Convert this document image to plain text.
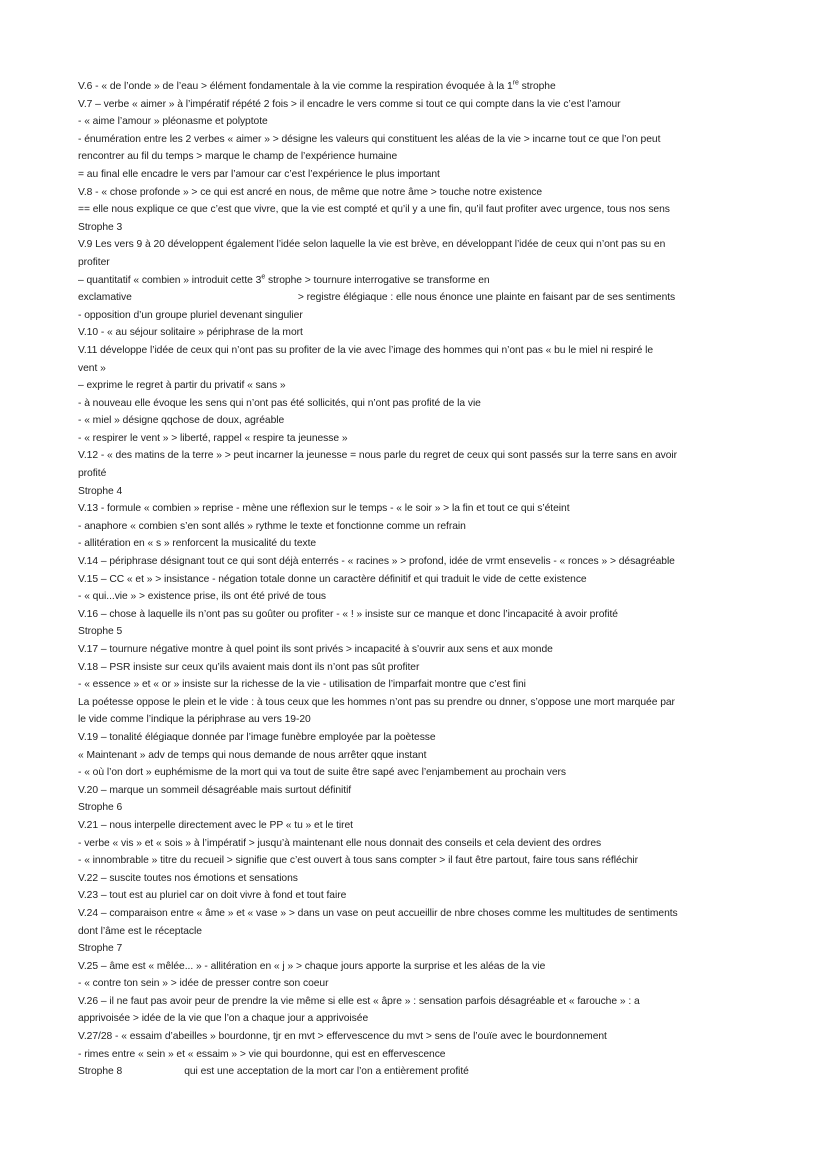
V.6 - « de l’onde » de l’eau > élément fondamentale à la vie comme la respiration évoquée à la 1re strophe
V.7 – verbe « aimer » à l’impératif répété 2 fois > il encadre le vers comme si tout ce qui compte dans la vie c’est l’amour
- « aime l’amour » pléonasme et polyptote
- énumération entre les 2 verbes « aimer » > désigne les valeurs qui constituent les aléas de la vie > incarne tout ce que l’on peut
rencontrer au fil du temps > marque le champ de l’expérience humaine
= au final elle encadre le vers par l’amour car c’est l’expérience le plus important
V.8 - « chose profonde » > ce qui est ancré en nous, de même que notre âme > touche notre existence
== elle nous explique ce que c’est que vivre, que la vie est compté et qu’il y a une fin, qu’il faut profiter avec urgence, tous nos sens
Strophe 3
V.9 Les vers 9 à 20 développent également l’idée selon laquelle la vie est brève, en développant l’idée de ceux qui n’ont pas su en
profiter
– quantitatif « combien » introduit cette 3e strophe > tournure interrogative se transforme en
exclamative	> registre élégiaque : elle nous énonce une plainte en faisant par de ses sentiments
- opposition d’un groupe pluriel devenant singulier
V.10 - « au séjour solitaire » périphrase de la mort
V.11 développe l’idée de ceux qui n’ont pas su profiter de la vie avec l’image des hommes qui n’ont pas « bu le miel ni respiré le
vent »
– exprime le regret à partir du privatif « sans »
- à nouveau elle évoque les sens qui n’ont pas été sollicités, qui n’ont pas profité de la vie
- « miel » désigne qqchose de doux, agréable
- « respirer le vent » > liberté, rappel « respire ta jeunesse »
V.12 - « des matins de la terre » > peut incarner la jeunesse = nous parle du regret de ceux qui sont passés sur la terre sans en avoir
profité
Strophe 4
V.13 - formule « combien » reprise - mène une réflexion sur le temps - « le soir » > la fin et tout ce qui s’éteint
- anaphore « combien s’en sont allés » rythme le texte et fonctionne comme un refrain
- allitération en « s » renforcent la musicalité du texte
V.14 – périphrase désignant tout ce qui sont déjà enterrés - « racines » > profond, idée de vrmt ensevelis - « ronces » > désagréable
V.15 – CC « et » > insistance - négation totale donne un caractère définitif et qui traduit le vide de cette existence
- « qui...vie » > existence prise, ils ont été privé de tous
V.16 – chose à laquelle ils n’ont pas su goûter ou profiter - « ! » insiste sur ce manque et donc l’incapacité à avoir profité
Strophe 5
V.17 – tournure négative montre à quel point ils sont privés > incapacité à s’ouvrir aux sens et aux monde
V.18 – PSR insiste sur ceux qu’ils avaient mais dont ils n’ont pas sût profiter
- « essence » et « or » insiste sur la richesse de la vie - utilisation de l’imparfait montre que c’est fini
La poétesse oppose le plein et le vide : à tous ceux que les hommes n’ont pas su prendre ou dnner, s’oppose une mort marquée par
le vide comme l’indique la périphrase au vers 19-20
V.19 – tonalité élégiaque donnée par l’image funèbre employée par la poètesse
« Maintenant » adv de temps qui nous demande de nous arrêter qque instant
- « où l’on dort » euphémisme de la mort qui va tout de suite être sapé avec l’enjambement au prochain vers
V.20 – marque un sommeil désagréable mais surtout définitif
Strophe 6
V.21 – nous interpelle directement avec le PP « tu » et le tiret
- verbe « vis » et « sois » à l’impératif > jusqu’à maintenant elle nous donnait des conseils et cela devient des ordres
- « innombrable » titre du recueil > signifie que c’est ouvert à tous sans compter > il faut être partout, faire tous sans réfléchir
V.22 – suscite toutes nos émotions et sensations
V.23 – tout est au pluriel car on doit vivre à fond et tout faire
V.24 – comparaison entre « âme » et « vase » > dans un vase on peut accueillir de nbre choses comme les multitudes de sentiments
dont l’âme est le réceptacle
Strophe 7
V.25 – âme est « mêlée... » - allitération en « j » > chaque jours apporte la surprise et les aléas de la vie
- « contre ton sein » > idée de presser contre son coeur
V.26 – il ne faut pas avoir peur de prendre la vie même si elle est « âpre » : sensation parfois désagréable et « farouche » : a
apprivoisée > idée de la vie que l’on a chaque jour a apprivoisée
V.27/28 - « essaim d’abeilles » bourdonne, tjr en mvt > effervescence du mvt > sens de l’ouïe avec le bourdonnement
- rimes entre « sein » et « essaim » > vie qui bourdonne, qui est en effervescence
Strophe 8	qui est une acceptation de la mort car l’on a entièrement profité
